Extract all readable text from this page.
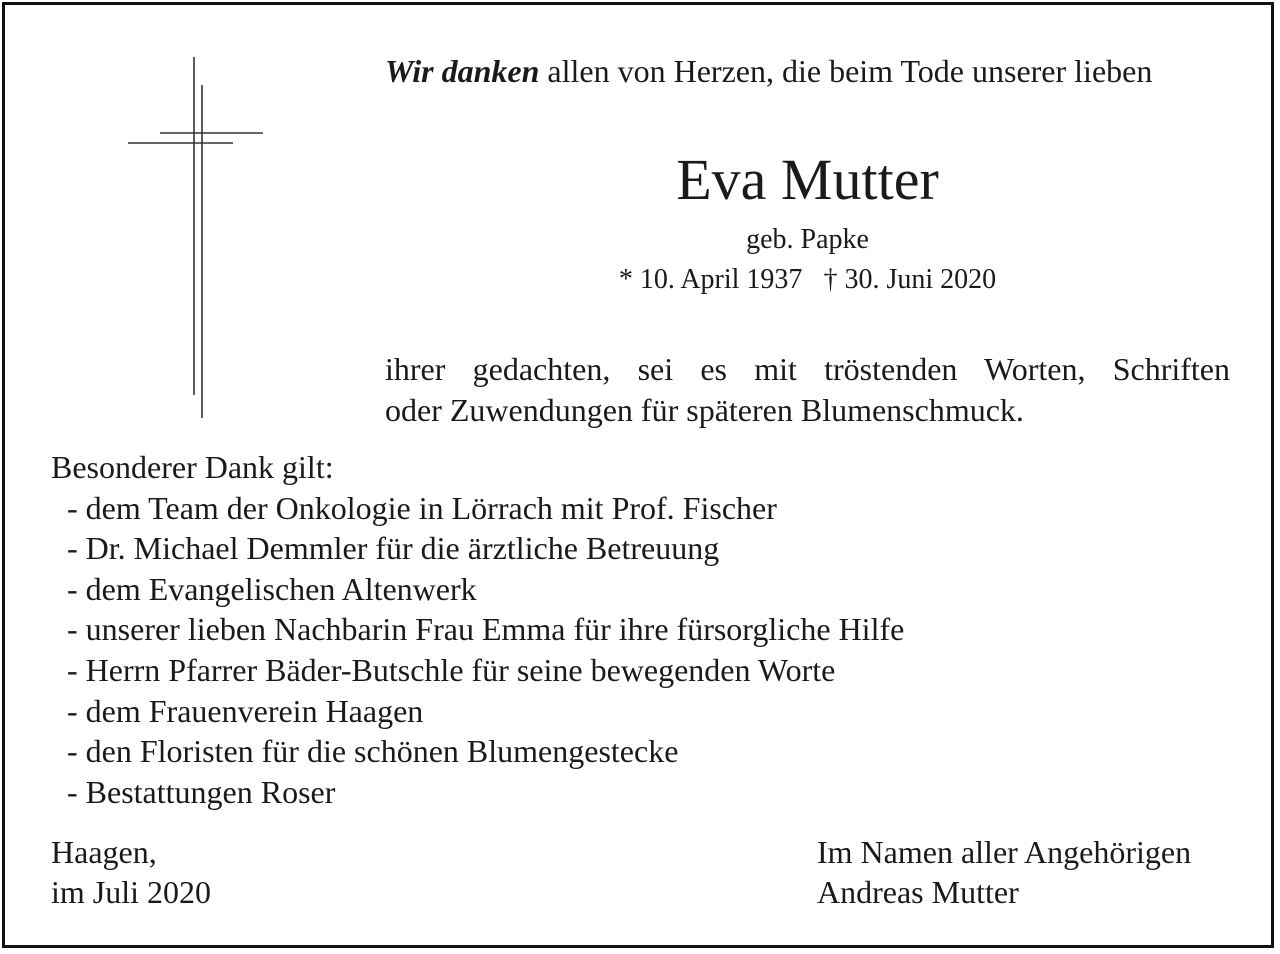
Wir danken allen von Herzen, die beim Tode unserer lieben
Eva Mutter
geb. Papke
* 10. April 1937 † 30. Juni 2020
ihrer gedachten, sei es mit tröstenden Worten, Schriften
oder Zuwendungen für späteren Blumenschmuck.
Besonderer Dank gilt:
- dem Team der Onkologie in Lörrach mit Prof. Fischer
- Dr. Michael Demmler für die ärztliche Betreuung
- dem Evangelischen Altenwerk
- unserer lieben Nachbarin Frau Emma für ihre fürsorgliche Hilfe
- Herrn Pfarrer Bäder-Butschle für seine bewegenden Worte
- dem Frauenverein Haagen
- den Floristen für die schönen Blumengestecke
- Bestattungen Roser
Haagen,
im Juli 2020
Im Namen aller Angehörigen
Andreas Mutter
